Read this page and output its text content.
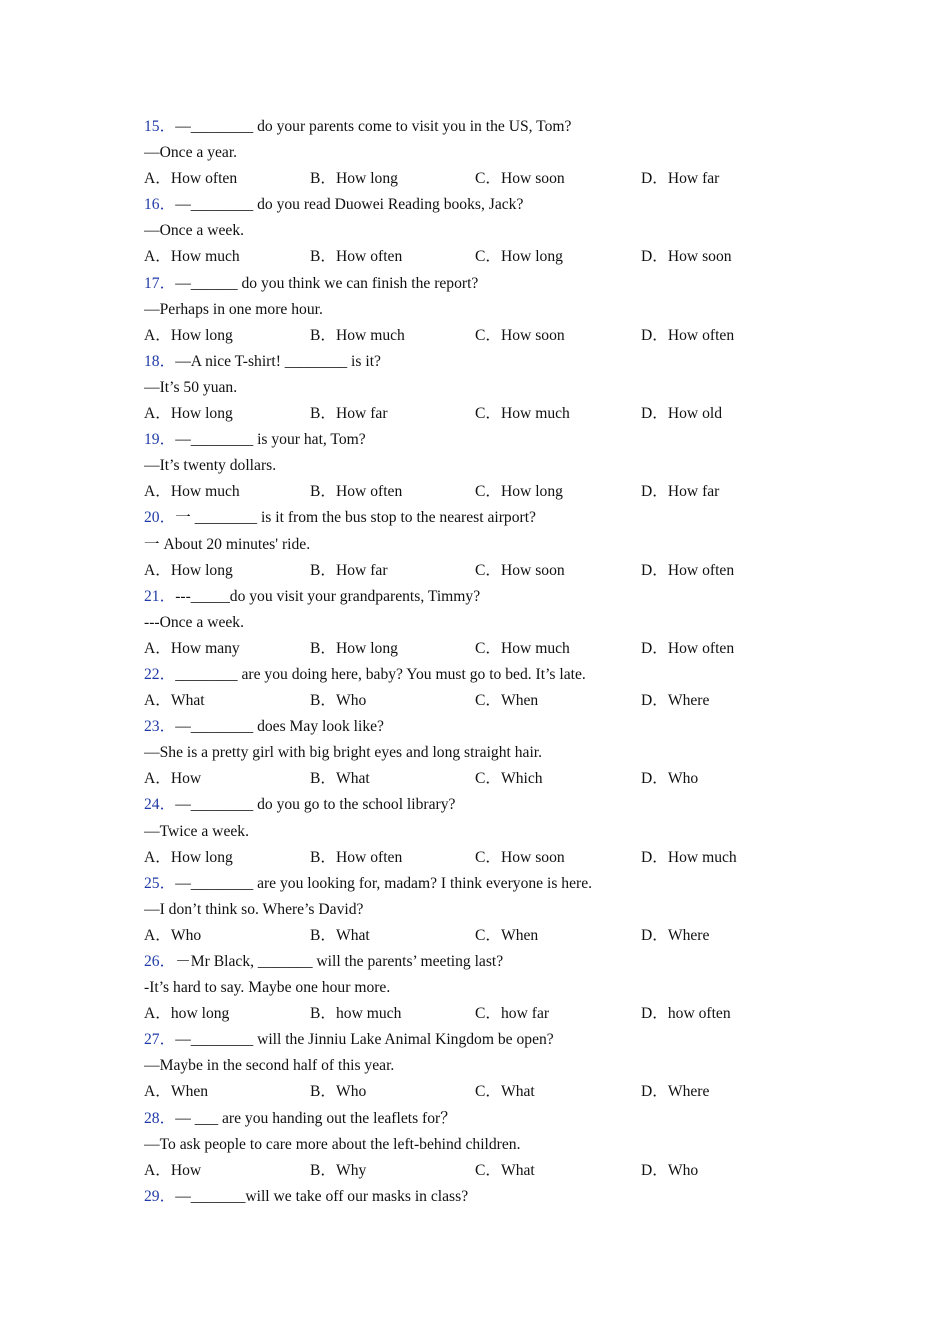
15．—________ do your parents come to visit you in the US, Tom?
—Once a year.
A．How often	B．How long	C．How soon	D．How far
16．—________ do you read Duowei Reading books, Jack?
—Once a week.
A．How much	B．How often	C．How long	D．How soon
17．—______ do you think we can finish the report?
—Perhaps in one more hour.
A．How long	B．How much	C．How soon	D．How often
18．—A nice T-shirt! ________ is it?
—It’s 50 yuan.
A．How long	B．How far	C．How much	D．How old
19．—________ is your hat, Tom?
—It’s twenty dollars.
A．How much	B．How often	C．How long	D．How far
20．一 ________ is it from the bus stop to the nearest airport?
一 About 20 minutes' ride.
A．How long	B．How far	C．How soon	D．How often
21．---_____do you visit your grandparents, Timmy?
---Once a week.
A．How many	B．How long	C．How much	D．How often
22．________ are you doing here, baby? You must go to bed. It’s late.
A．What	B．Who	C．When	D．Where
23．—________ does May look like?
—She is a pretty girl with big bright eyes and long straight hair.
A．How	B．What	C．Which	D．Who
24．—________ do you go to the school library?
—Twice a week.
A．How long	B．How often	C．How soon	D．How much
25．—________ are you looking for, madam? I think everyone is here.
—I don’t think so. Where’s David?
A．Who	B．What	C．When	D．Where
26．－Mr Black, _______ will the parents’ meeting last?
-It’s hard to say. Maybe one hour more.
A．how long	B．how much	C．how far	D．how often
27．—________ will the Jinniu Lake Animal Kingdom be open?
—Maybe in the second half of this year.
A．When	B．Who	C．What	D．Where
28．— ___ are you handing out the leaflets for？
—To ask people to care more about the left-behind children.
A．How	B．Why	C．What	D．Who
29．—_______will we take off our masks in class?
